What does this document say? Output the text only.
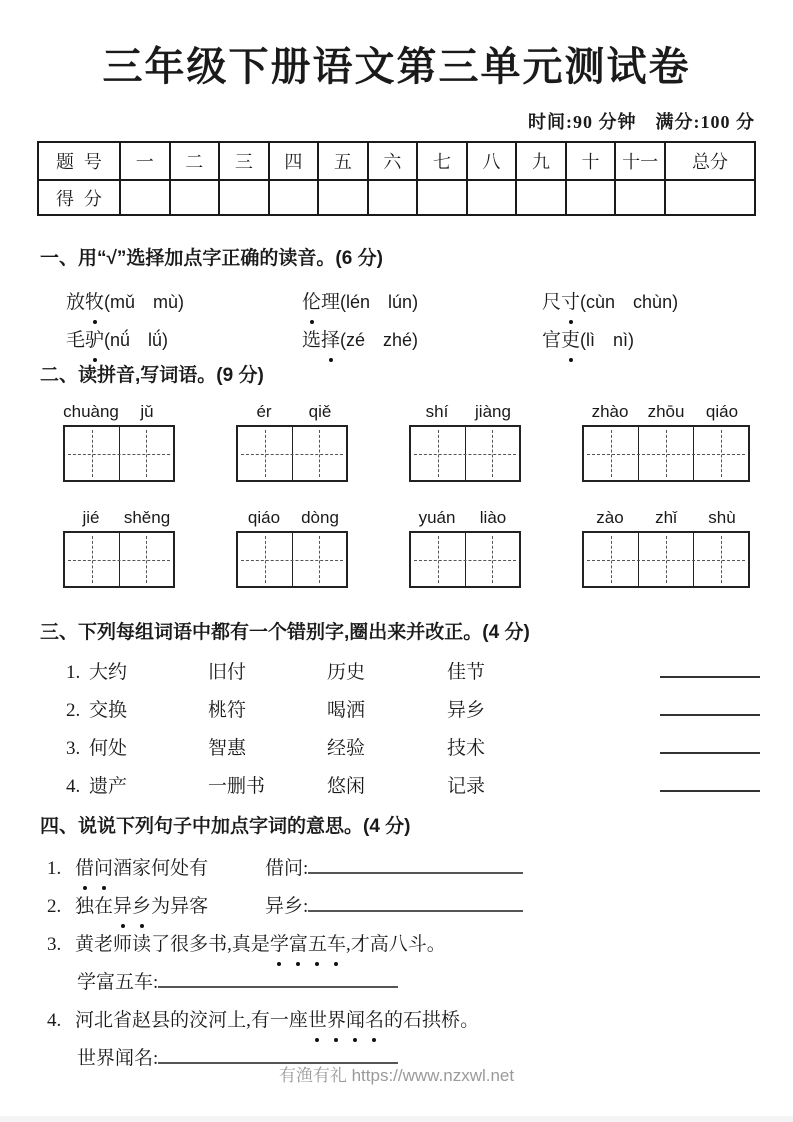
三年级下册语文第三单元测试卷
时间:90 分钟　满分:100 分
题号	一	二	三	四	五	六	七	八	九	十	十一	总分
得分												
一、用“√”选择加点字正确的读音。(6 分)
放牧(mǔ　mù)	伦理(lén　lún)	尺寸(cùn　chùn)
毛驴(nǘ　lǘ)	选择(zé　zhé)	官吏(lì　nì)
二、读拼音,写词语。(9 分)
chuàng	jǔ	ér	qiě	shí	jiàng	zhào	zhōu	qiáo
jié	shěng	qiáo	dòng	yuán	liào	zào	zhǐ	shù
三、下列每组词语中都有一个错别字,圈出来并改正。(4 分)
1. 大约	旧付	历史	佳节
2. 交换	桃符	喝洒	异乡
3. 何处	智惠	经验	技术
4. 遗产	一删书	悠闲	记录
四、说说下列句子中加点字词的意思。(4 分)
1. 借问酒家何处有	借问:
2. 独在异乡为异客	异乡:
3. 黄老师读了很多书,真是学富五车,才高八斗。
学富五车:
4. 河北省赵县的洨河上,有一座世界闻名的石拱桥。
世界闻名:
有渔有礼 https://www.nzxwl.net
